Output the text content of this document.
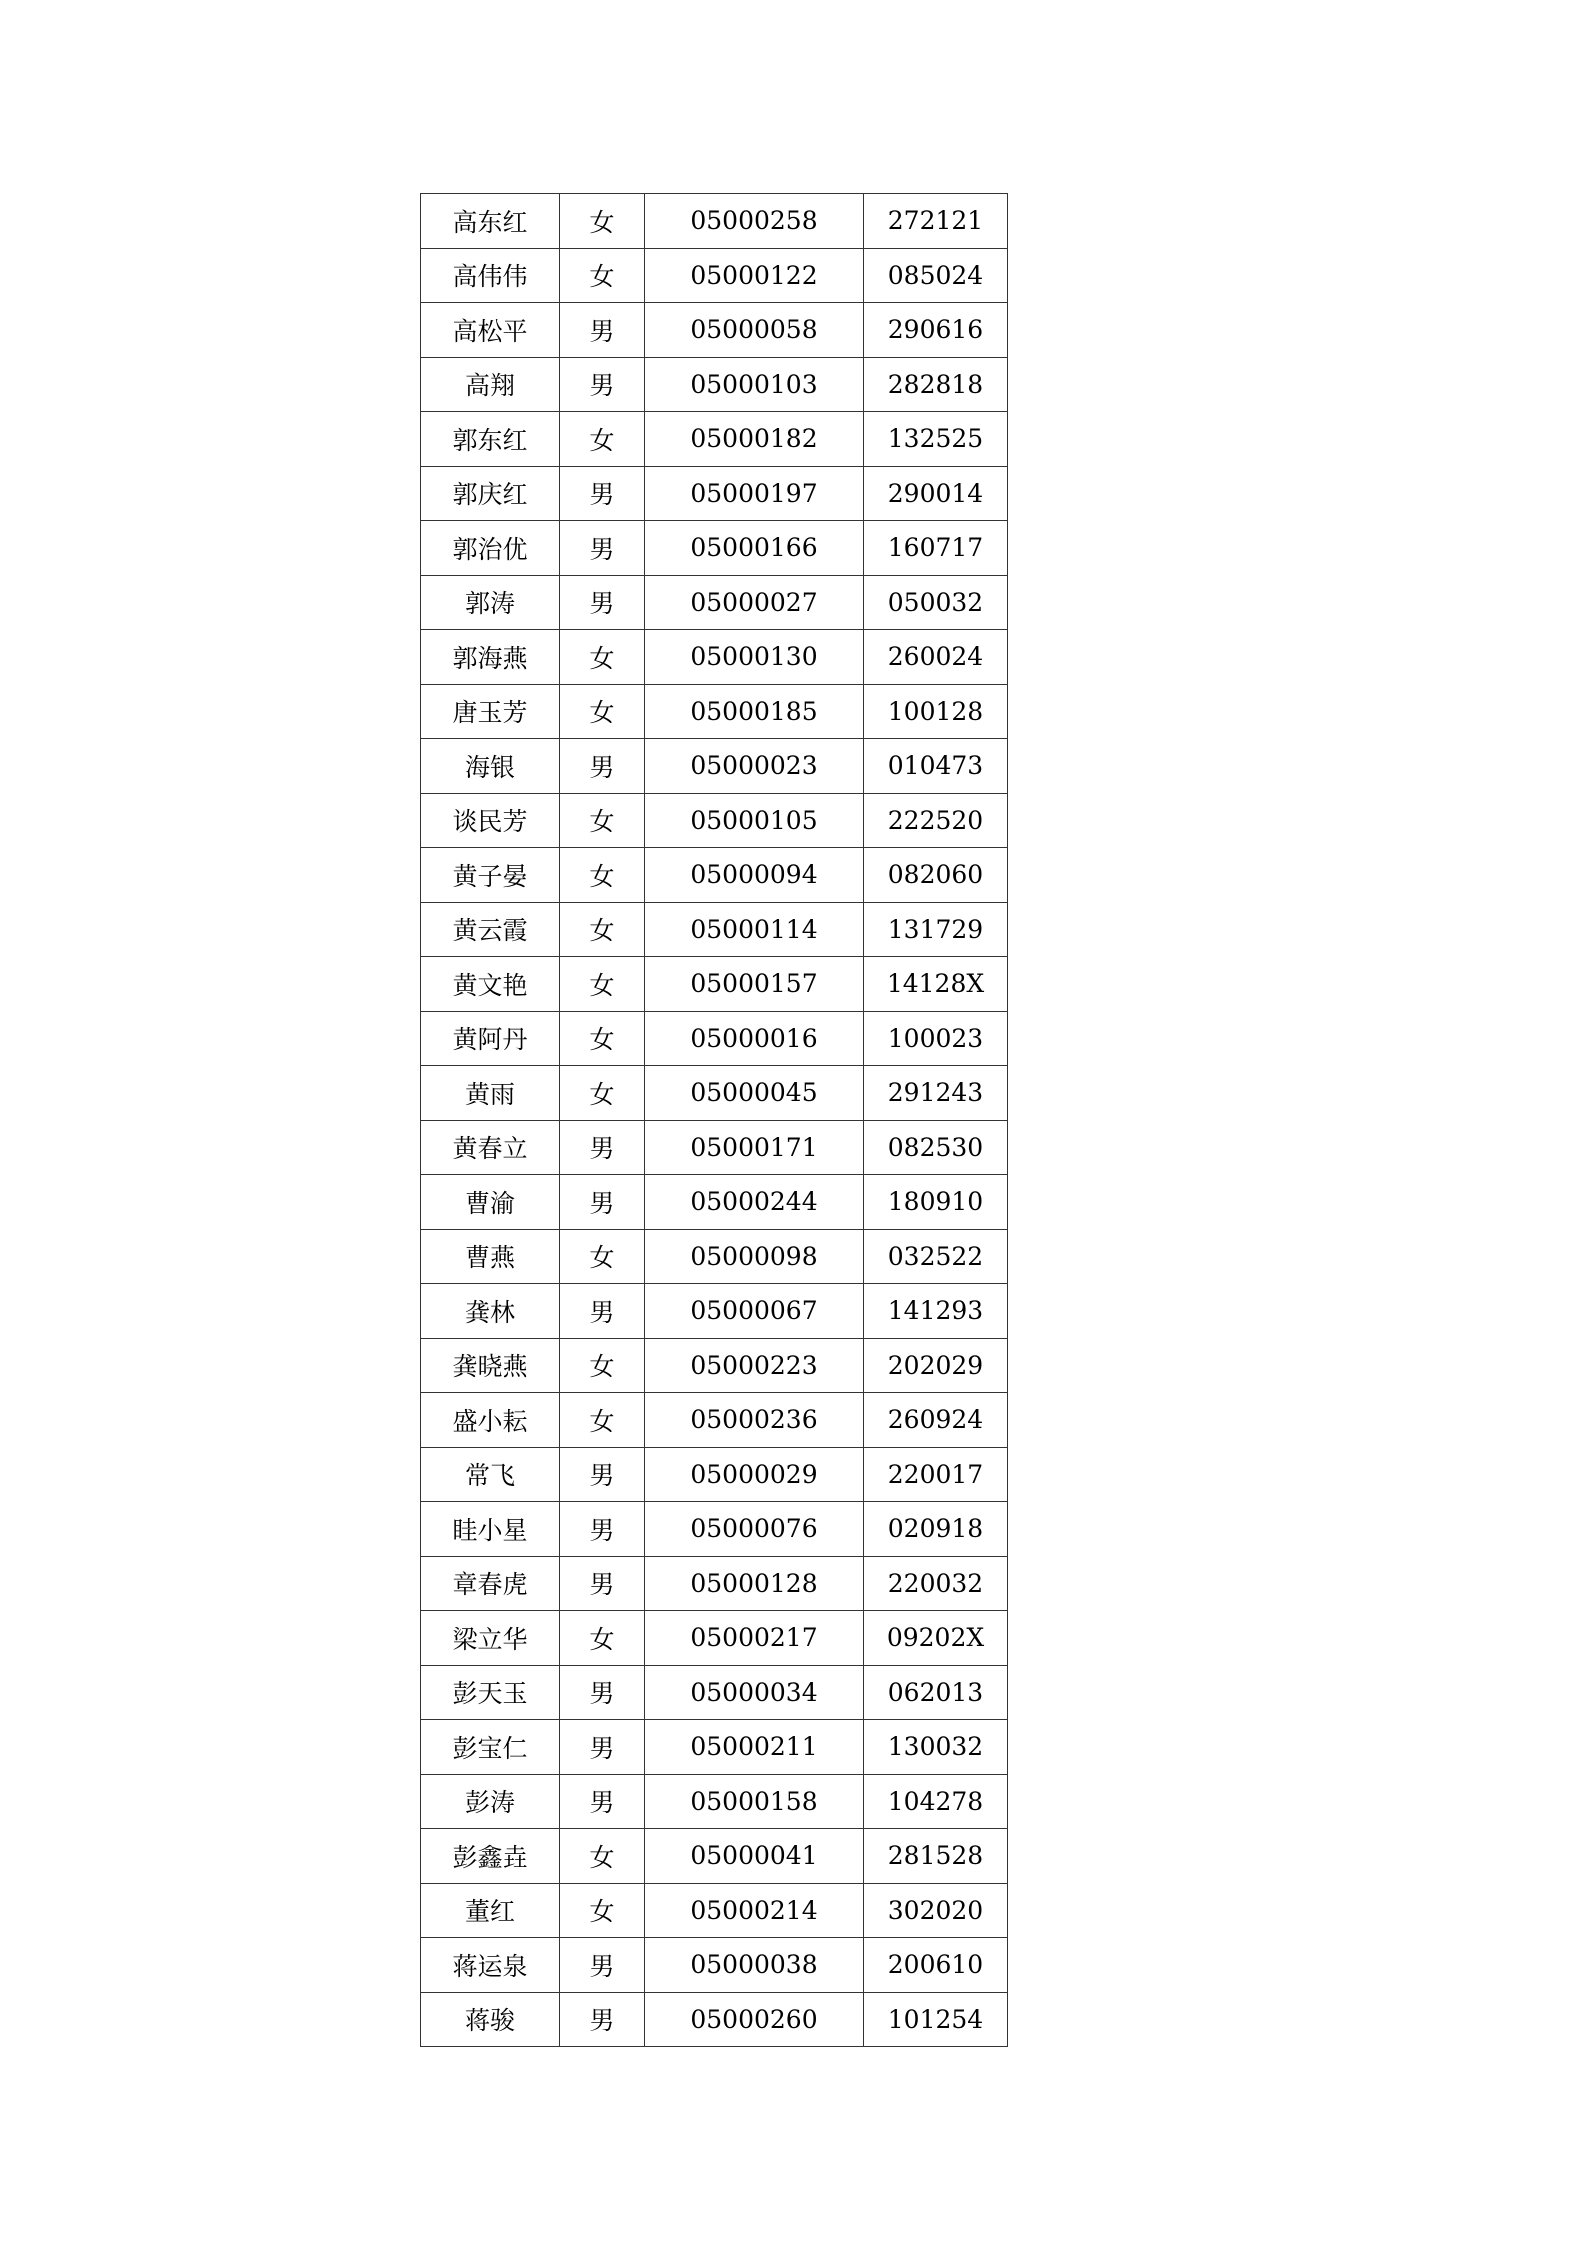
高东红	女	05000258	272121
高伟伟	女	05000122	085024
高松平	男	05000058	290616
高翔	男	05000103	282818
郭东红	女	05000182	132525
郭庆红	男	05000197	290014
郭治优	男	05000166	160717
郭涛	男	05000027	050032
郭海燕	女	05000130	260024
唐玉芳	女	05000185	100128
海银	男	05000023	010473
谈民芳	女	05000105	222520
黄子晏	女	05000094	082060
黄云霞	女	05000114	131729
黄文艳	女	05000157	14128X
黄阿丹	女	05000016	100023
黄雨	女	05000045	291243
黄春立	男	05000171	082530
曹渝	男	05000244	180910
曹燕	女	05000098	032522
龚林	男	05000067	141293
龚晓燕	女	05000223	202029
盛小耘	女	05000236	260924
常飞	男	05000029	220017
眭小星	男	05000076	020918
章春虎	男	05000128	220032
梁立华	女	05000217	09202X
彭天玉	男	05000034	062013
彭宝仁	男	05000211	130032
彭涛	男	05000158	104278
彭鑫垚	女	05000041	281528
董红	女	05000214	302020
蒋运泉	男	05000038	200610
蒋骏	男	05000260	101254
